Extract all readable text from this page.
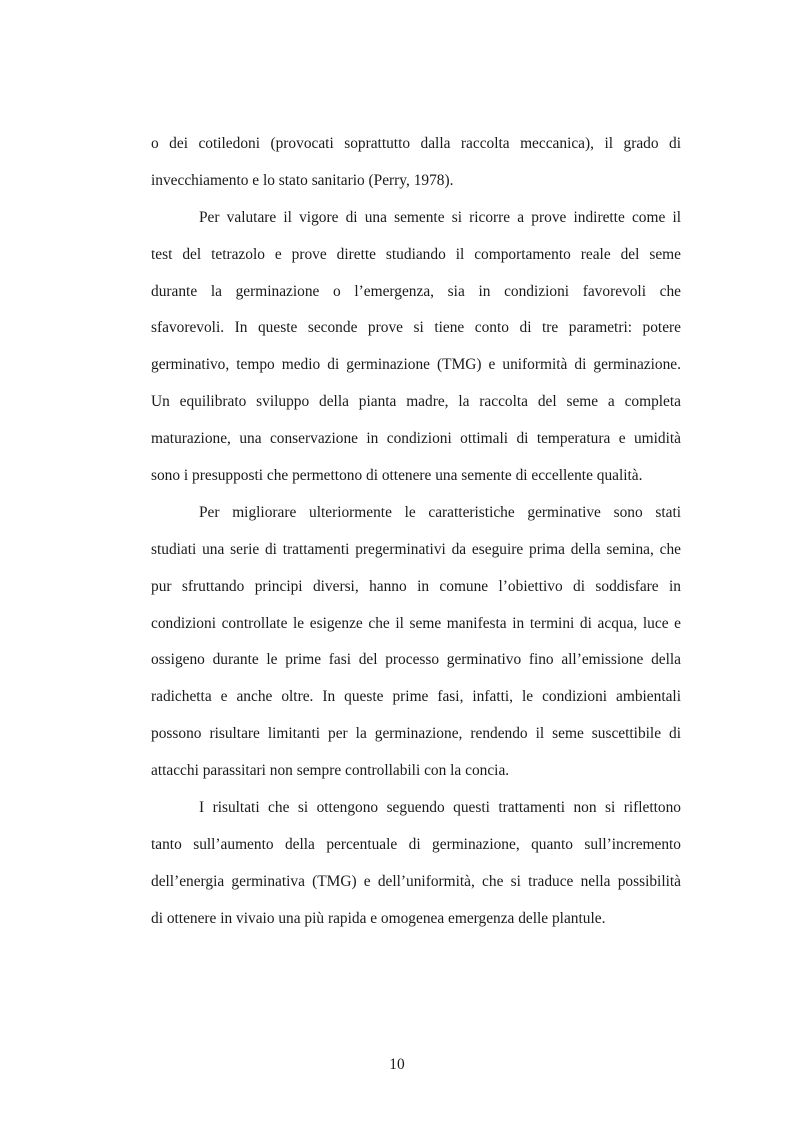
o dei cotiledoni (provocati soprattutto dalla raccolta meccanica), il grado di
invecchiamento e lo stato sanitario (Perry, 1978).
Per valutare il vigore di una semente si ricorre a prove indirette come il
test del tetrazolo e prove dirette studiando il comportamento reale del seme
durante la germinazione o l’emergenza, sia in condizioni favorevoli che
sfavorevoli. In queste seconde prove si tiene conto di tre parametri: potere
germinativo, tempo medio di germinazione (TMG) e uniformità di germinazione.
Un equilibrato sviluppo della pianta madre, la raccolta del seme a completa
maturazione, una conservazione in condizioni ottimali di temperatura e umidità
sono i presupposti che permettono di ottenere una semente di eccellente qualità.
Per migliorare ulteriormente le caratteristiche germinative sono stati
studiati una serie di trattamenti pregerminativi da eseguire prima della semina, che
pur sfruttando principi diversi, hanno in comune l’obiettivo di soddisfare in
condizioni controllate le esigenze che il seme manifesta in termini di acqua, luce e
ossigeno durante le prime fasi del processo germinativo fino all’emissione della
radichetta e anche oltre. In queste prime fasi, infatti, le condizioni ambientali
possono risultare limitanti per la germinazione, rendendo il seme suscettibile di
attacchi parassitari non sempre controllabili con la concia.
I risultati che si ottengono seguendo questi trattamenti non si riflettono
tanto sull’aumento della percentuale di germinazione, quanto sull’incremento
dell’energia germinativa (TMG) e dell’uniformità, che si traduce nella possibilità
di ottenere in vivaio una più rapida e omogenea emergenza delle plantule.
10
